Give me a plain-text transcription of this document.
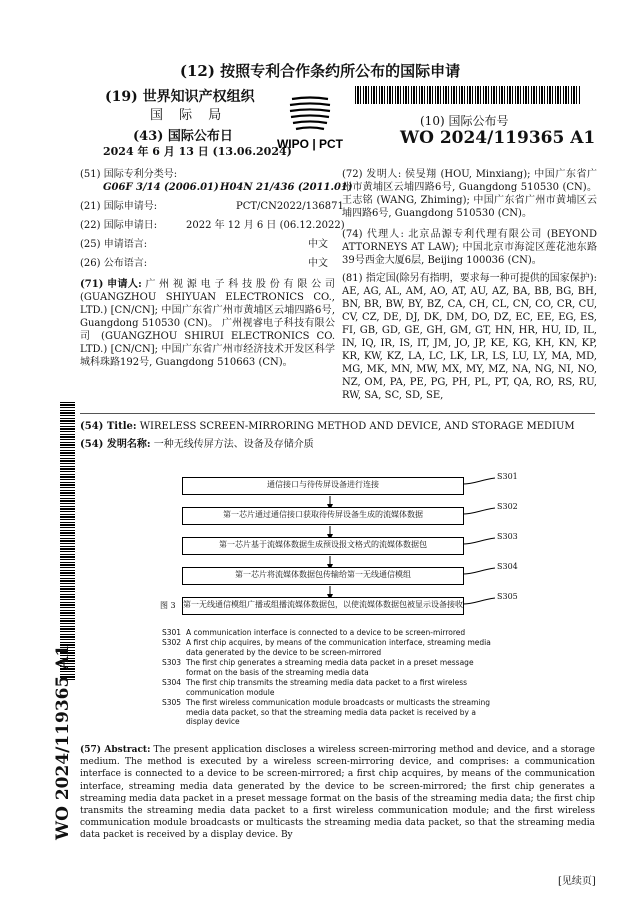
(12) 按照专利合作条约所公布的国际申请
(19) 世界知识产权组织
国 际 局
(43) 国际公布日
2024 年 6 月 13 日 (13.06.2024)
WIPO | PCT
(10) 国际公布号
WO 2024/119365 A1
(51) 国际专利分类号:
G06F 3/14 (2006.01) H04N 21/436 (2011.01)
(21) 国际申请号:	PCT/CN2022/136871
(22) 国际申请日:	2022 年 12 月 6 日 (06.12.2022)
(25) 申请语言:	中文
(26) 公布语言:	中文
(71) 申请人: 广 州 视 源 电 子 科 技 股 份 有 限 公 司 (GUANGZHOU SHIYUAN ELECTRONICS CO., LTD.) [CN/CN]; 中国广东省广州市黄埔区云埔四路6号, Guangdong 510530 (CN)。 广州视睿电子科技有限公司 (GUANGZHOU SHIRUI ELECTRONICS CO. LTD.) [CN/CN]; 中国广东省广州市经济技术开发区科学城科珠路192号, Guangdong 510663 (CN)。
(72) 发明人: 侯旻翔 (HOU, Minxiang); 中国广东省广州市黄埔区云埔四路6号, Guangdong 510530 (CN)。 王志铭 (WANG, Zhiming); 中国广东省广州市黄埔区云埔四路6号, Guangdong 510530 (CN)。
(74) 代理人: 北京品源专利代理有限公司 (BEYOND ATTORNEYS AT LAW); 中国北京市海淀区莲花池东路39号西金大厦6层, Beijing 100036 (CN)。
(81) 指定国(除另有指明，要求每一种可提供的国家保护): AE, AG, AL, AM, AO, AT, AU, AZ, BA, BB, BG, BH, BN, BR, BW, BY, BZ, CA, CH, CL, CN, CO, CR, CU, CV, CZ, DE, DJ, DK, DM, DO, DZ, EC, EE, EG, ES, FI, GB, GD, GE, GH, GM, GT, HN, HR, HU, ID, IL, IN, IQ, IR, IS, IT, JM, JO, JP, KE, KG, KH, KN, KP, KR, KW, KZ, LA, LC, LK, LR, LS, LU, LY, MA, MD, MG, MK, MN, MW, MX, MY, MZ, NA, NG, NI, NO, NZ, OM, PA, PE, PG, PH, PL, PT, QA, RO, RS, RU, RW, SA, SC, SD, SE,
(54) Title: WIRELESS SCREEN-MIRRORING METHOD AND DEVICE, AND STORAGE MEDIUM
(54) 发明名称: 一种无线传屏方法、设备及存储介质
通信接口与待传屏设备进行连接
第一芯片通过通信接口获取待传屏设备生成的流媒体数据
第一芯片基于流媒体数据生成预设报文格式的流媒体数据包
第一芯片将流媒体数据包传输给第一无线通信模组
第一无线通信模组广播或组播流媒体数据包，以使流媒体数据包被显示设备接收
S301
S302
S303
S304
S305
图 3
S301 A communication interface is connected to a device to be screen-mirrored
S302 A first chip acquires, by means of the communication interface, streaming media data generated by the device to be screen-mirrored
S303 The first chip generates a streaming media data packet in a preset message format on the basis of the streaming media data
S304 The first chip transmits the streaming media data packet to a first wireless communication module
S305 The first wireless communication module broadcasts or multicasts the streaming media data packet, so that the streaming media data packet is received by a display device
(57) Abstract: The present application discloses a wireless screen-mirroring method and device, and a storage medium. The method is executed by a wireless screen-mirroring device, and comprises: a communication interface is connected to a device to be screen-mirrored; a first chip acquires, by means of the communication interface, streaming media data generated by the device to be screen-mirrored; the first chip generates a streaming media data packet in a preset message format on the basis of the streaming media data; the first chip transmits the streaming media data packet to a first wireless communication module; and the first wireless communication module broadcasts or multicasts the streaming media data packet, so that the streaming media data packet is received by a display device. By
WO 2024/119365 A1
[见续页]
